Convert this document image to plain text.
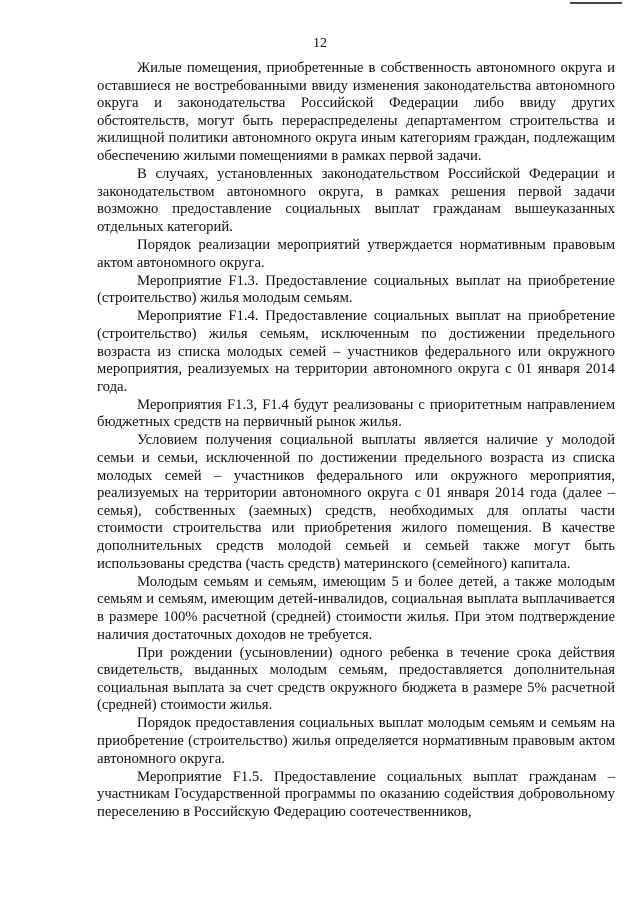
12

Жилые помещения, приобретенные в собственность автономного округа и оставшиеся не востребованными ввиду изменения законодательства автономного округа и законодательства Российской Федерации либо ввиду других обстоятельств, могут быть перераспределены департаментом строительства и жилищной политики автономного округа иным категориям граждан, подлежащим обеспечению жилыми помещениями в рамках первой задачи.

В случаях, установленных законодательством Российской Федерации и законодательством автономного округа, в рамках решения первой задачи возможно предоставление социальных выплат гражданам вышеуказанных отдельных категорий.

Порядок реализации мероприятий утверждается нормативным правовым актом автономного округа.

Мероприятие F1.3. Предоставление социальных выплат на приобретение (строительство) жилья молодым семьям.

Мероприятие F1.4. Предоставление социальных выплат на приобретение (строительство) жилья семьям, исключенным по достижении предельного возраста из списка молодых семей – участников федерального или окружного мероприятия, реализуемых на территории автономного округа с 01 января 2014 года.

Мероприятия F1.3, F1.4 будут реализованы с приоритетным направлением бюджетных средств на первичный рынок жилья.

Условием получения социальной выплаты является наличие у молодой семьи и семьи, исключенной по достижении предельного возраста из списка молодых семей – участников федерального или окружного мероприятия, реализуемых на территории автономного округа с 01 января 2014 года (далее – семья), собственных (заемных) средств, необходимых для оплаты части стоимости строительства или приобретения жилого помещения. В качестве дополнительных средств молодой семьей и семьей также могут быть использованы средства (часть средств) материнского (семейного) капитала.

Молодым семьям и семьям, имеющим 5 и более детей, а также молодым семьям и семьям, имеющим детей-инвалидов, социальная выплата выплачивается в размере 100% расчетной (средней) стоимости жилья. При этом подтверждение наличия достаточных доходов не требуется.

При рождении (усыновлении) одного ребенка в течение срока действия свидетельств, выданных молодым семьям, предоставляется дополнительная социальная выплата за счет средств окружного бюджета в размере 5% расчетной (средней) стоимости жилья.

Порядок предоставления социальных выплат молодым семьям и семьям на приобретение (строительство) жилья определяется нормативным правовым актом автономного округа.

Мероприятие F1.5. Предоставление социальных выплат гражданам – участникам Государственной программы по оказанию содействия добровольному переселению в Российскую Федерацию соотечественников,
